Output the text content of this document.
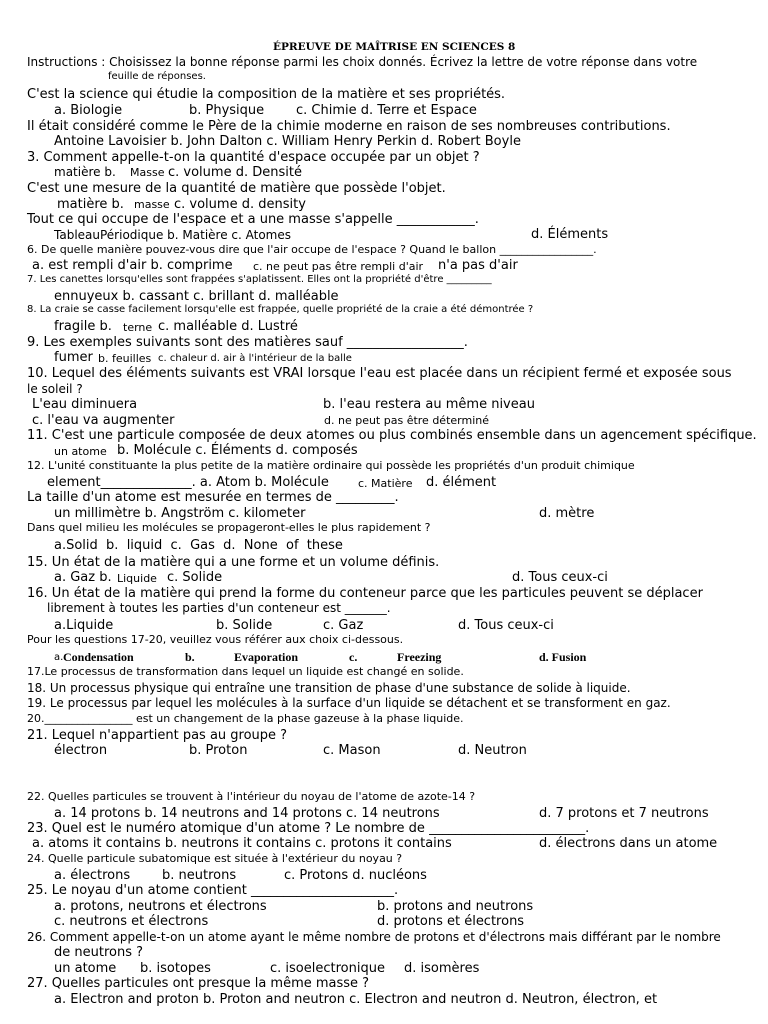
ÉPREUVE DE MAÎTRISE EN SCIENCES 8
Instructions : Choisissez la bonne réponse parmi les choix donnés. Écrivez la lettre de votre réponse dans votre
feuille de réponses.
C'est la science qui étudie la composition de la matière et ses propriétés.
a. Biologie	b. Physique c. Chimie d. Terre et Espace
Il était considéré comme le Père de la chimie moderne en raison de ses nombreuses contributions.
Antoine Lavoisier b. John Dalton c. William Henry Perkin d. Robert Boyle
3. Comment appelle-t-on la quantité d'espace occupée par un objet ?
matière b. Masse c. volume d. Densité
C'est une mesure de la quantité de matière que possède l'objet.
matière b. masse c. volume d. density
Tout ce qui occupe de l'espace et a une masse s'appelle ____________.
TableauPériodique b. Matière c. Atomes	d. Éléments
6. De quelle manière pouvez-vous dire que l'air occupe de l'espace ? Quand le ballon _________________.
a. est rempli d'air b. comprime c. ne peut pas être rempli d'air n'a pas d'air
7. Les canettes lorsqu'elles sont frappées s'aplatissent. Elles ont la propriété d'être _________
ennuyeux b. cassant c. brillant d. malléable
8. La craie se casse facilement lorsqu'elle est frappée, quelle propriété de la craie a été démontrée ?
fragile b. terne c. malléable d. Lustré
9. Les exemples suivants sont des matières sauf __________________.
fumer b. feuilles c. chaleur d. air à l'intérieur de la balle
10. Lequel des éléments suivants est VRAI lorsque l'eau est placée dans un récipient fermé et exposée sous
le soleil ?
L'eau diminuera	b. l'eau restera au même niveau
c. l'eau va augmenter	d. ne peut pas être déterminé
11. C'est une particule composée de deux atomes ou plus combinés ensemble dans un agencement spécifique.
un atome b. Molécule c. Éléments d. composés
12. L'unité constituante la plus petite de la matière ordinaire qui possède les propriétés d'un produit chimique
element______________. a. Atom b. Molécule	c. Matière d. élément
La taille d'un atome est mesurée en termes de _________.
un millimètre b. Angström c. kilometer	d. mètre
Dans quel milieu les molécules se propageront-elles le plus rapidement ?
a.Solid  b.  liquid  c.  Gas  d.  None  of  these
15. Un état de la matière qui a une forme et un volume définis.
a. Gaz b. Liquide c. Solide	d. Tous ceux-ci
16. Un état de la matière qui prend la forme du conteneur parce que les particules peuvent se déplacer
librement à toutes les parties d'un conteneur est _______.
a.Liquide	b. Solide	c. Gaz	d. Tous ceux-ci
Pour les questions 17-20, veuillez vous référer aux choix ci-dessous.
a. Condensation	b.	Evaporation	c.	Freezing	d. Fusion
17.Le processus de transformation dans lequel un liquide est changé en solide.
18. Un processus physique qui entraîne une transition de phase d'une substance de solide à liquide.
19. Le processus par lequel les molécules à la surface d'un liquide se détachent et se transforment en gaz.
20.________________ est un changement de la phase gazeuse à la phase liquide.
21. Lequel n'appartient pas au groupe ?
électron	b. Proton	c. Mason	d. Neutron
22. Quelles particules se trouvent à l'intérieur du noyau de l'atome de azote-14 ?
a. 14 protons b. 14 neutrons and 14 protons c. 14 neutrons	d. 7 protons et 7 neutrons
23. Quel est le numéro atomique d'un atome ? Le nombre de ________________________.
a. atoms it contains b. neutrons it contains c. protons it contains	d. électrons dans un atome
24. Quelle particule subatomique est située à l'extérieur du noyau ?
a. électrons b. neutrons	c. Protons d. nucléons
25. Le noyau d'un atome contient ______________________.
a. protons, neutrons et électrons	b. protons and neutrons
c. neutrons et électrons	d. protons et électrons
26. Comment appelle-t-on un atome ayant le même nombre de protons et d'électrons mais différant par le nombre
de neutrons ?
un atome b. isotopes	c. isoelectronique d. isomères
27. Quelles particules ont presque la même masse ?
a. Electron and proton b. Proton and neutron c. Electron and neutron d. Neutron, électron, et
